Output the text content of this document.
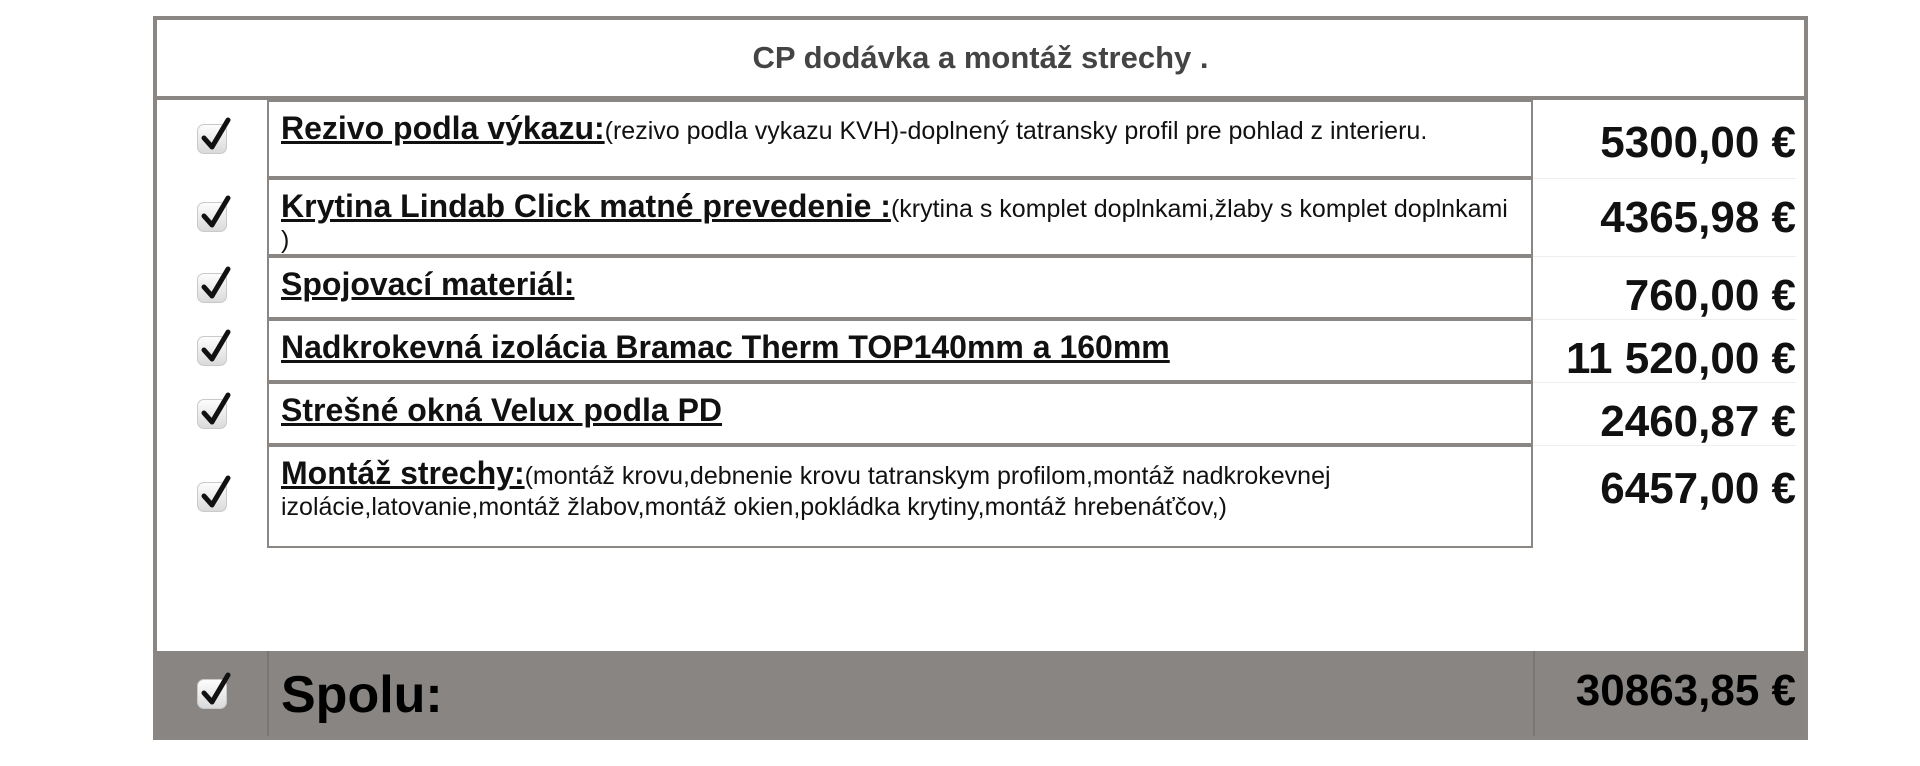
CP dodávka a montáž strechy .
Rezivo podla výkazu:(rezivo podla vykazu KVH)-doplnený tatransky profil pre pohlad z interieru.	5300,00 €
Krytina Lindab Click matné prevedenie :(krytina s komplet doplnkami,žlaby s komplet doplnkami )	4365,98 €
Spojovací materiál:	760,00 €
Nadkrokevná izolácia Bramac Therm TOP140mm a 160mm	11 520,00 €
Strešné okná Velux podla PD	2460,87 €
Montáž strechy:(montáž krovu,debnenie krovu tatranskym profilom,montáž nadkrokevnej izolácie,latovanie,montáž žlabov,montáž okien,pokládka krytiny,montáž hrebenáťčov,)	6457,00 €
Spolu:	30863,85 €
